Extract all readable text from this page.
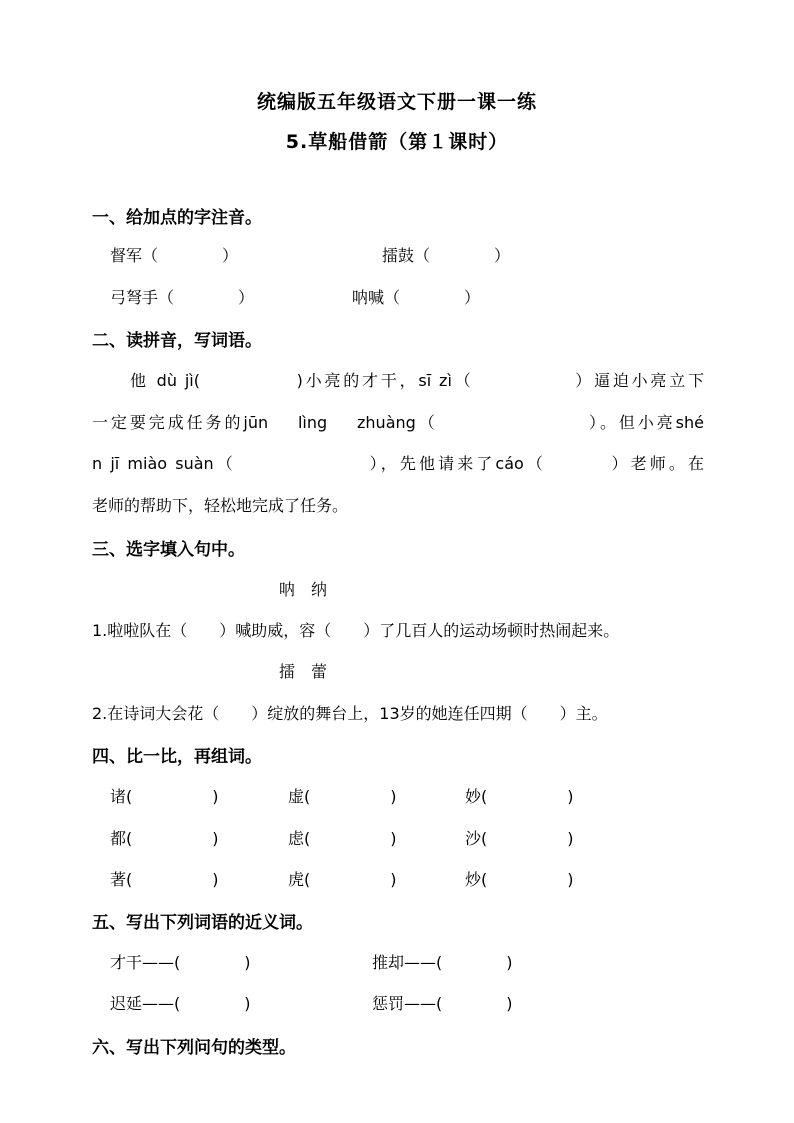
统编版五年级语文下册一课一练
5.草船借箭（第１课时）
一、给加点的字注音。
督军（　　　　）	擂鼓（　　　　）
弓弩手（　　　　）	呐喊（　　　　）
二、读拼音，写词语。
他 dù jì(　　　　　)小亮的才干，sī zì（　　　　　 ）逼迫小亮立下
一定要完成任务的jūn　 lìng　 zhuàng（　　　　　　　　）。但小亮shé
n jī miào suàn（　　　　　　　），先他请来了cáo（　　　 ）老师。在
老师的帮助下，轻松地完成了任务。
三、选字填入句中。
呐　纳
1.啦啦队在（　　）喊助威，容（　　）了几百人的运动场顿时热闹起来。
擂　蕾
2.在诗词大会花（　　）绽放的舞台上，13岁的她连任四期（　　）主。
四、比一比，再组词。
诸(　　　　　)	虚(　　　　　)	妙(　　　　　)
都(　　　　　)	虑(　　　　　)	沙(　　　　　)
著(　　　　　)	虎(　　　　　)	炒(　　　　　)
五、写出下列词语的近义词。
才干——(　　　　)	推却——(　　　　)
迟延——(　　　　)	惩罚——(　　　　)
六、写出下列问句的类型。
